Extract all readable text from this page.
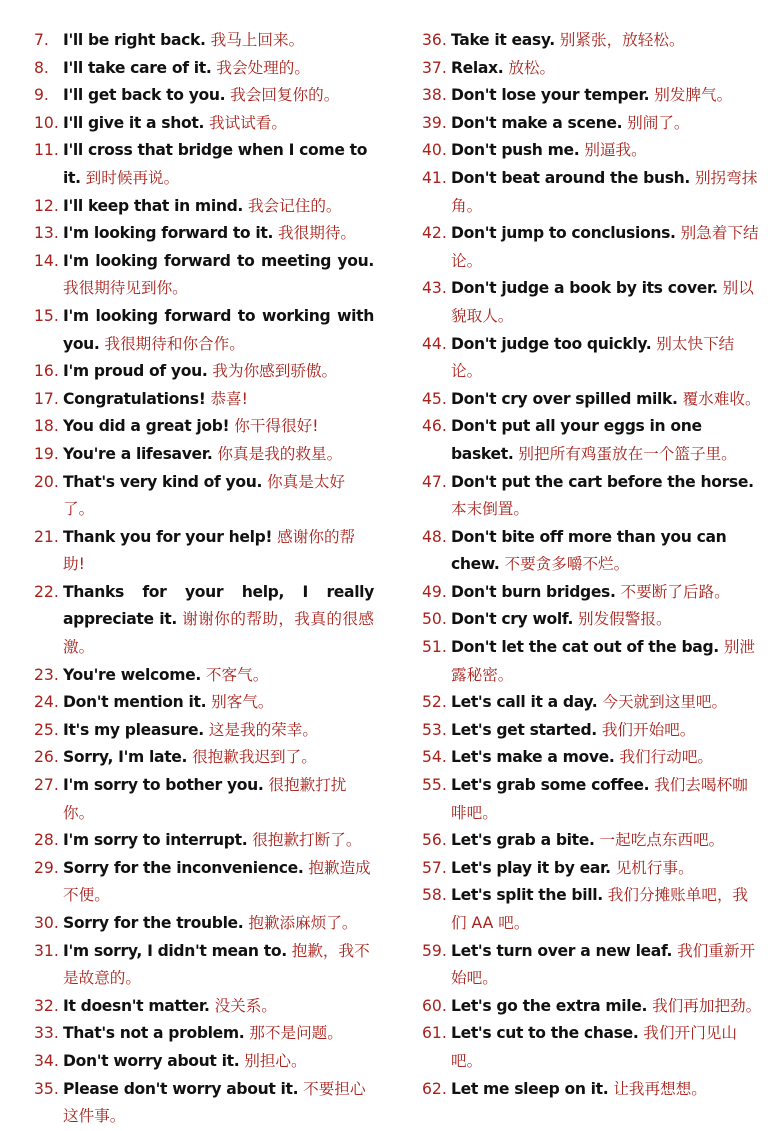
7. I'll be right back. 我马上回来。
8. I'll take care of it. 我会处理的。
9. I'll get back to you. 我会回复你的。
10. I'll give it a shot. 我试试看。
11. I'll cross that bridge when I come to it. 到时候再说。
12. I'll keep that in mind. 我会记住的。
13. I'm looking forward to it. 我很期待。
14. I'm looking forward to meeting you. 我很期待见到你。
15. I'm looking forward to working with you. 我很期待和你合作。
16. I'm proud of you. 我为你感到骄傲。
17. Congratulations! 恭喜!
18. You did a great job! 你干得很好!
19. You're a lifesaver. 你真是我的救星。
20. That's very kind of you. 你真是太好了。
21. Thank you for your help! 感谢你的帮助!
22. Thanks for your help, I really appreciate it. 谢谢你的帮助，我真的很感激。
23. You're welcome. 不客气。
24. Don't mention it. 别客气。
25. It's my pleasure. 这是我的荣幸。
26. Sorry, I'm late. 很抱歉我迟到了。
27. I'm sorry to bother you. 很抱歉打扰你。
28. I'm sorry to interrupt. 很抱歉打断了。
29. Sorry for the inconvenience. 抱歉造成不便。
30. Sorry for the trouble. 抱歉添麻烦了。
31. I'm sorry, I didn't mean to. 抱歉，我不是故意的。
32. It doesn't matter. 没关系。
33. That's not a problem. 那不是问题。
34. Don't worry about it. 别担心。
35. Please don't worry about it. 不要担心这件事。
36. Take it easy. 别紧张，放轻松。
37. Relax. 放松。
38. Don't lose your temper. 别发脾气。
39. Don't make a scene. 别闹了。
40. Don't push me. 别逼我。
41. Don't beat around the bush. 别拐弯抹角。
42. Don't jump to conclusions. 别急着下结论。
43. Don't judge a book by its cover. 别以貌取人。
44. Don't judge too quickly. 别太快下结论。
45. Don't cry over spilled milk. 覆水难收。
46. Don't put all your eggs in one basket. 别把所有鸡蛋放在一个篮子里。
47. Don't put the cart before the horse. 本末倒置。
48. Don't bite off more than you can chew. 不要贪多嚼不烂。
49. Don't burn bridges. 不要断了后路。
50. Don't cry wolf. 别发假警报。
51. Don't let the cat out of the bag. 别泄露秘密。
52. Let's call it a day. 今天就到这里吧。
53. Let's get started. 我们开始吧。
54. Let's make a move. 我们行动吧。
55. Let's grab some coffee. 我们去喝杯咖啡吧。
56. Let's grab a bite. 一起吃点东西吧。
57. Let's play it by ear. 见机行事。
58. Let's split the bill. 我们分摊账单吧，我们 AA 吧。
59. Let's turn over a new leaf. 我们重新开始吧。
60. Let's go the extra mile. 我们再加把劲。
61. Let's cut to the chase. 我们开门见山吧。
62. Let me sleep on it. 让我再想想。
